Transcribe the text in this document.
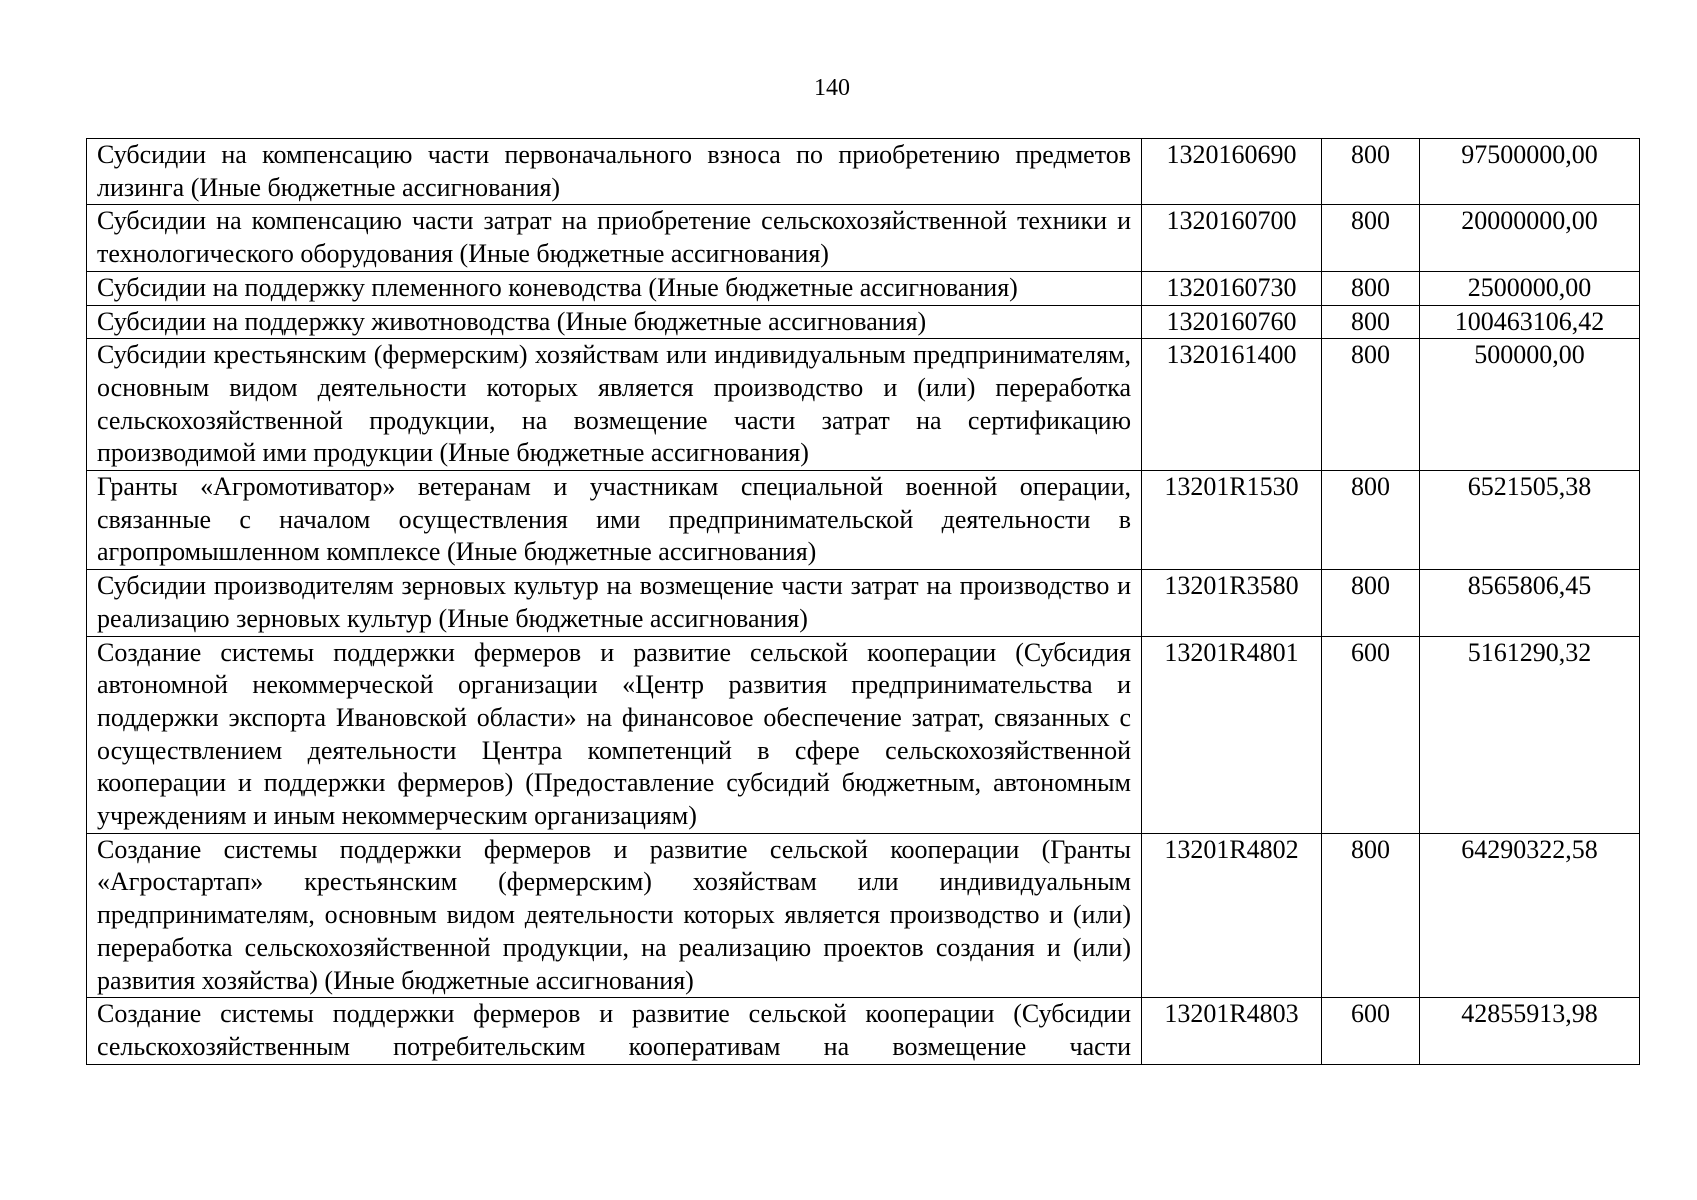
140
Субсидии на компенсацию части первоначального взноса по приобретению предметов лизинга (Иные бюджетные ассигнования)	1320160690	800	97500000,00
Субсидии на компенсацию части затрат на приобретение сельскохозяйственной техники и технологического оборудования (Иные бюджетные ассигнования)	1320160700	800	20000000,00
Субсидии на поддержку племенного коневодства (Иные бюджетные ассигнования)	1320160730	800	2500000,00
Субсидии на поддержку животноводства (Иные бюджетные ассигнования)	1320160760	800	100463106,42
Субсидии крестьянским (фермерским) хозяйствам или индивидуальным предпринимателям, основным видом деятельности которых является производство и (или) переработка сельскохозяйственной продукции, на возмещение части затрат на сертификацию производимой ими продукции (Иные бюджетные ассигнования)	1320161400	800	500000,00
Гранты «Агромотиватор» ветеранам и участникам специальной военной операции, связанные с началом осуществления ими предпринимательской деятельности в агропромышленном комплексе (Иные бюджетные ассигнования)	13201R1530	800	6521505,38
Субсидии производителям зерновых культур на возмещение части затрат на производство и реализацию зерновых культур (Иные бюджетные ассигнования)	13201R3580	800	8565806,45
Создание системы поддержки фермеров и развитие сельской кооперации (Субсидия автономной некоммерческой организации «Центр развития предпринимательства и поддержки экспорта Ивановской области» на финансовое обеспечение затрат, связанных с осуществлением деятельности Центра компетенций в сфере сельскохозяйственной кооперации и поддержки фермеров) (Предоставление субсидий бюджетным, автономным учреждениям и иным некоммерческим организациям)	13201R4801	600	5161290,32
Создание системы поддержки фермеров и развитие сельской кооперации (Гранты «Агростартап» крестьянским (фермерским) хозяйствам или индивидуальным предпринимателям, основным видом деятельности которых является производство и (или) переработка сельскохозяйственной продукции, на реализацию проектов создания и (или) развития хозяйства) (Иные бюджетные ассигнования)	13201R4802	800	64290322,58
Создание системы поддержки фермеров и развитие сельской кооперации (Субсидии сельскохозяйственным потребительским кооперативам на возмещение части	13201R4803	600	42855913,98
